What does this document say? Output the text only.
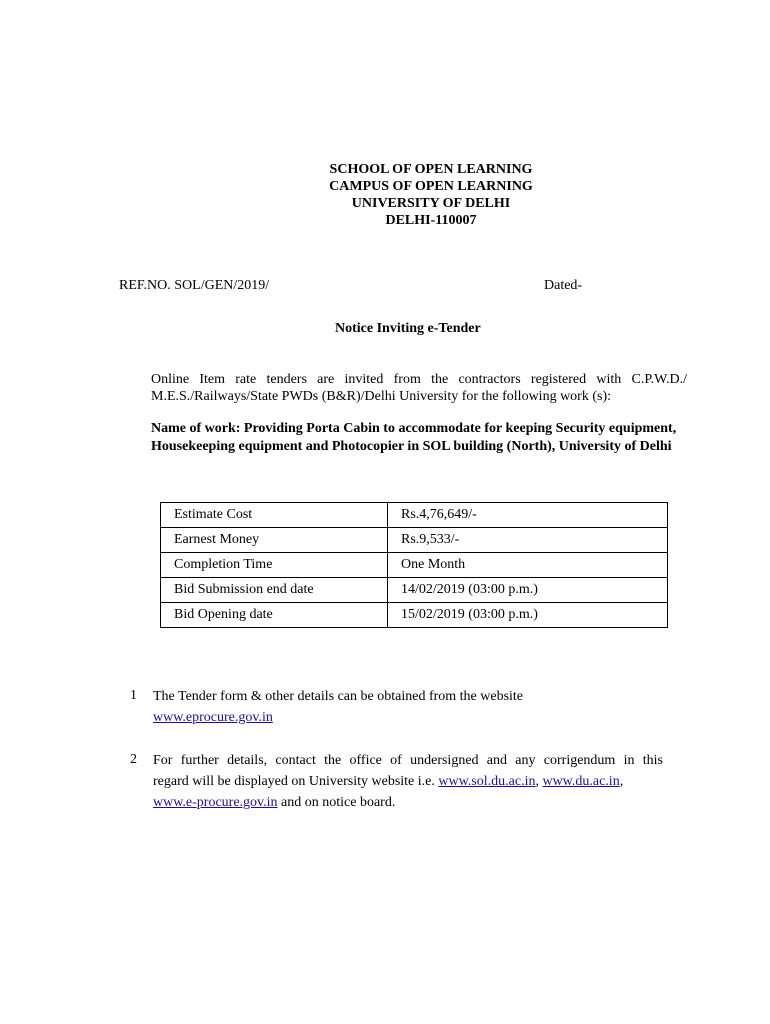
SCHOOL OF OPEN LEARNING
CAMPUS OF OPEN LEARNING
UNIVERSITY OF DELHI
DELHI-110007
REF.NO. SOL/GEN/2019/	Dated-
Notice Inviting e-Tender
Online Item rate tenders are invited from the contractors registered with C.P.W.D./
M.E.S./Railways/State PWDs (B&R)/Delhi University for the following work (s):
Name of work: Providing Porta Cabin to accommodate for keeping Security equipment, Housekeeping equipment and Photocopier in SOL building (North), University of Delhi
Estimate Cost	Rs.4,76,649/-
Earnest Money	Rs.9,533/-
Completion Time	One Month
Bid Submission end date	14/02/2019 (03:00 p.m.)
Bid Opening date	15/02/2019 (03:00 p.m.)
1 The Tender form & other details can be obtained from the website
www.eprocure.gov.in
2 For further details, contact the office of undersigned and any corrigendum in this
regard will be displayed on University website i.e. www.sol.du.ac.in, www.du.ac.in,
www.e-procure.gov.in and on notice board.
